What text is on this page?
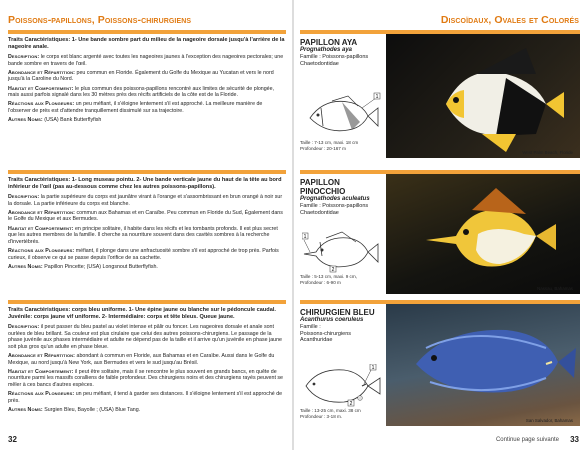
Poissons-papillons, Poissons-chirurgiens

Traits Caractéristiques: 1- Une bande sombre part du milieu de la nageoire dorsale jusqu'à l'arrière de la nageoire anale.

Description: le corps est blanc argenté avec toutes les nageoires jaunes à l'exception des nageoires pectorales; une bande sombre en travers de l'œil.

Abondance et Répartition: peu commun en Floride. Également du Golfe du Mexique au Yucatan et vers le nord jusqu'à la Caroline du Nord.

Habitat et Comportement: le plus commun des poissons-papillons rencontré aux limites de sécurité de plongée, mais aussi parfois signalé dans les 30 mètres près des récifs artificiels de la côte est de la Floride.

Réactions aux Plongeurs: un peu méfiant, il s'éloigne lentement s'il est approché. La meilleure manière de l'observer de près est d'attendre tranquillement dissimulé sur sa trajectoire.

Autres Noms: (USA) Bank Butterflyfish

Traits Caractéristiques: 1- Long museau pointu. 2- Une bande verticale jaune du haut de la tête au bord inférieur de l'œil (pas au-dessous comme chez les autres poissons-papillons).

Description: la partie supérieure du corps est jaunâtre virant à l'orange et s'assombrissant en brun orangé à noir sur la dorsale. La partie inférieure du corps est blanche.

Abondance et Répartition: commun aux Bahamas et en Caraïbe. Peu commun en Floride du Sud, Également dans le Golfe du Mexique et aux Bermudes.

Habitat et Comportement: en principe solitaire, il habite dans les récifs et les tombants profonds. Il est plus secret que les autres membres de la famille. Il cherche sa nourriture souvent dans des cavités sombres à la recherche d'invertébrés.

Réactions aux Plongeurs: méfiant, il plonge dans une anfractuosité sombre s'il est approché de trop près. Parfois curieux, il observe ce qui se passe depuis l'orifice de sa cachette.

Autres Noms: Papillon Pincette; (USA) Longsnout Butterflyfish.

Traits Caractéristiques: corps bleu uniforme. 1- Une épine jaune ou blanche sur le pédoncule caudal. Juvénile: corps jaune vif uniforme. 2- Intermédiaire: corps et tête bleus. Queue jaune.

Description: il peut passer du bleu pastel au violet intense et pâlir ou foncer. Les nageoires dorsale et anale sont ourlées de bleu brillant. Sa couleur est plus cirulaire que celui des autres poissons-chirurgiens. Le passage de la phase juvénile aux phases intermédiaire et adulte ne dépend pas de la taille et il arrive qu'un juvénile en phase jaune soit plus gros qu'un adulte en phase bleue.

Abondance et Répartition: abondant à commun en Floride, aux Bahamas et en Caraïbe. Aussi dans le Golfe du Mexique, au nord jusqu'à New York, aux Bermudes et vers le sud jusqu'au Brésil.

Habitat et Comportement: il peut être solitaire, mais il se rencontre le plus souvent en grands bancs, en quête de nourriture parmi les massifs coralliens de faible profondeur. Des chirurgiens noirs et des chirurgiens rayés peuvent se mêler à ces bancs d'autres espèces.

Réactions aux Plongeurs: un peu méfiant, il tend à garder ses distances. Il s'éloigne lentement s'il est approché de près.

Autres Noms: Surgien Bleu, Bayolle ; (USA) Blue Tang.

32
Discoïdaux, Ovales et Colorés
PAPILLON AYA
Prognathodes aya
Famille : Poissons-papillons
Chaetodontidae
1
Taille : 7-13 cm, maxi. 18 cm
Profondeur : 20-167 m
West Palm Beach, Floride
PAPILLON PINOCCHIO
Prognathodes aculeatus
Famille : Poissons-papillons
Chaetodontidae
1
2
Taille : 5-13 cm, maxi. 9 cm,
Profondeur : 6-90 m
Nassau, Bahamas
CHIRURGIEN BLEU
Acanthurus coeruleus
Famille :
Poissons-chirurgiens
Acanthuridae
1
2
Taille : 13-25 cm, maxi. 38 cm
Profondeur : 3-18 m.
San Salvador, Bahamas
Continue page suivante 33
